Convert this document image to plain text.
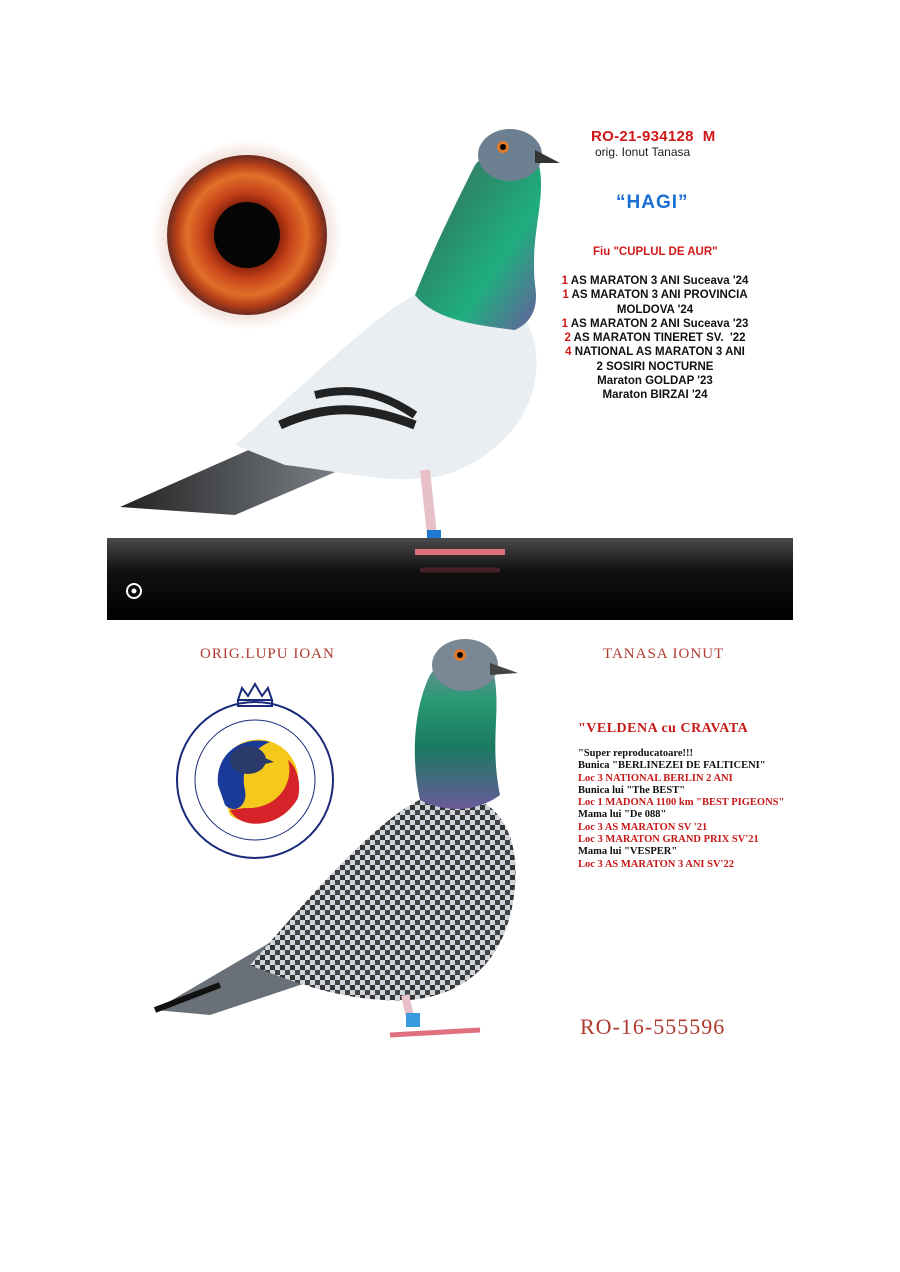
RO-21-934128  M
orig. Ionut Tanasa
“HAGI”
Fiu "CUPLUL DE AUR"
1 AS MARATON 3 ANI Suceava '24
1 AS MARATON 3 ANI PROVINCIA
MOLDOVA '24
1 AS MARATON 2 ANI Suceava '23
2 AS MARATON TINERET SV.  '22
4 NATIONAL AS MARATON 3 ANI
2 SOSIRI NOCTURNE
Maraton GOLDAP '23
Maraton BIRZAI '24
ORIG.LUPU IOAN	TANASA IONUT
"VELDENA cu CRAVATA
"Super reproducatoare!!!
Bunica "BERLINEZEI DE FALTICENI"
Loc 3 NATIONAL BERLIN 2 ANI
Bunica lui "The BEST"
Loc 1 MADONA 1100 km "BEST PIGEONS"
Mama lui "De 088"
Loc 3 AS MARATON SV '21
Loc 3 MARATON GRAND PRIX SV'21
Mama lui "VESPER"
Loc 3 AS MARATON 3 ANI SV'22
RO-16-555596
